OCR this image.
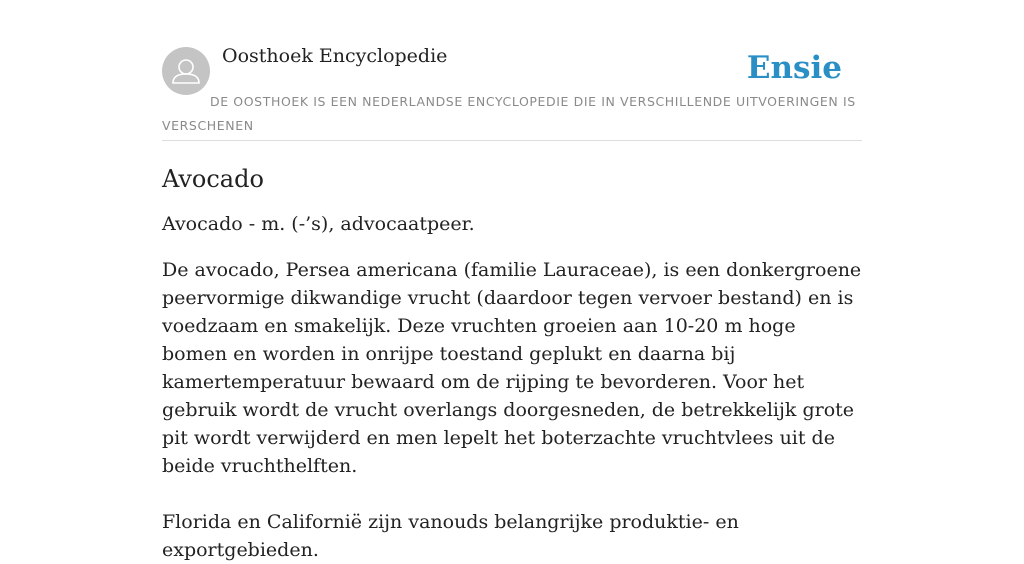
Oosthoek Encyclopedie	Ensie
DE OOSTHOEK IS EEN NEDERLANDSE ENCYCLOPEDIE DIE IN VERSCHILLENDE UITVOERINGEN IS VERSCHENEN
Avocado

Avocado - m. (-’s), advocaatpeer.

De avocado, Persea americana (familie Lauraceae), is een donkergroene peervormige dikwandige vrucht (daardoor tegen vervoer bestand) en is voedzaam en smakelijk. Deze vruchten groeien aan 10-20 m hoge bomen en worden in onrijpe toestand geplukt en daarna bij kamertemperatuur bewaard om de rijping te bevorderen. Voor het gebruik wordt de vrucht overlangs doorgesneden, de betrekkelijk grote pit wordt verwijderd en men lepelt het boterzachte vruchtvlees uit de beide vruchthelften.

Florida en Californië zijn vanouds belangrijke produktie- en exportgebieden.
